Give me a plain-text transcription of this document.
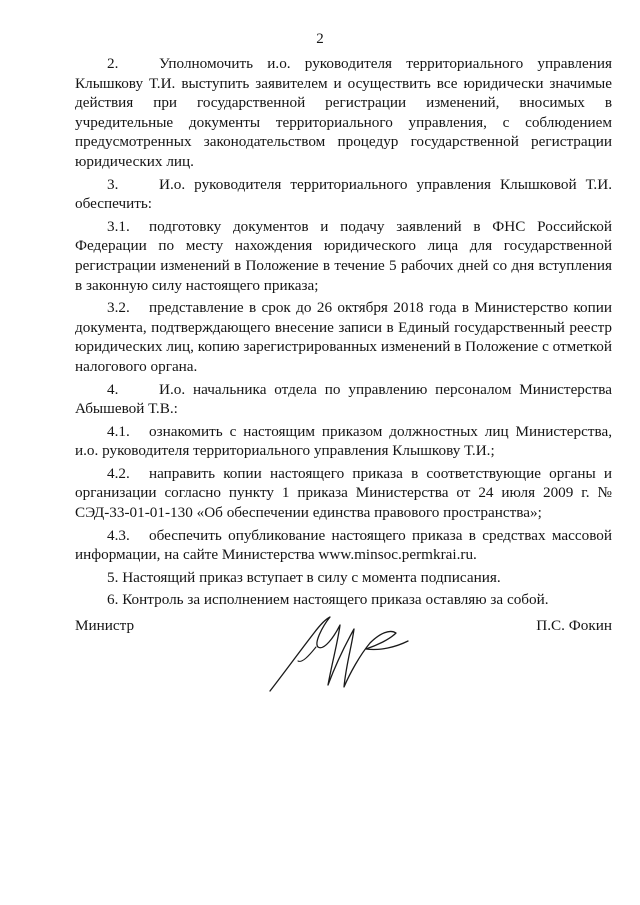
2

2.	Уполномочить и.о. руководителя территориального управления Клышкову Т.И. выступить заявителем и осуществить все юридически значимые действия при государственной регистрации изменений, вносимых в учредительные документы территориального управления, с соблюдением предусмотренных законодательством процедур государственной регистрации юридических лиц.

3.	И.о. руководителя территориального управления Клышковой Т.И. обеспечить:

3.1. подготовку документов и подачу заявлений в ФНС Российской Федерации по месту нахождения юридического лица для государственной регистрации изменений в Положение в течение 5 рабочих дней со дня вступления в законную силу настоящего приказа;

3.2. представление в срок до 26 октября 2018 года в Министерство копии документа, подтверждающего внесение записи в Единый государственный реестр юридических лиц, копию зарегистрированных изменений в Положение с отметкой налогового органа.

4.	И.о. начальника отдела по управлению персоналом Министерства Абышевой Т.В.:

4.1. ознакомить с настоящим приказом должностных лиц Министерства, и.о. руководителя территориального управления Клышкову Т.И.;

4.2. направить копии настоящего приказа в соответствующие органы и организации согласно пункту 1 приказа Министерства от 24 июля 2009 г. № СЭД-33-01-01-130 «Об обеспечении единства правового пространства»;

4.3. обеспечить опубликование настоящего приказа в средствах массовой информации, на сайте Министерства www.minsoc.permkrai.ru.

5. Настоящий приказ вступает в силу с момента подписания.

6. Контроль за исполнением настоящего приказа оставляю за собой.

Министр	П.С. Фокин
